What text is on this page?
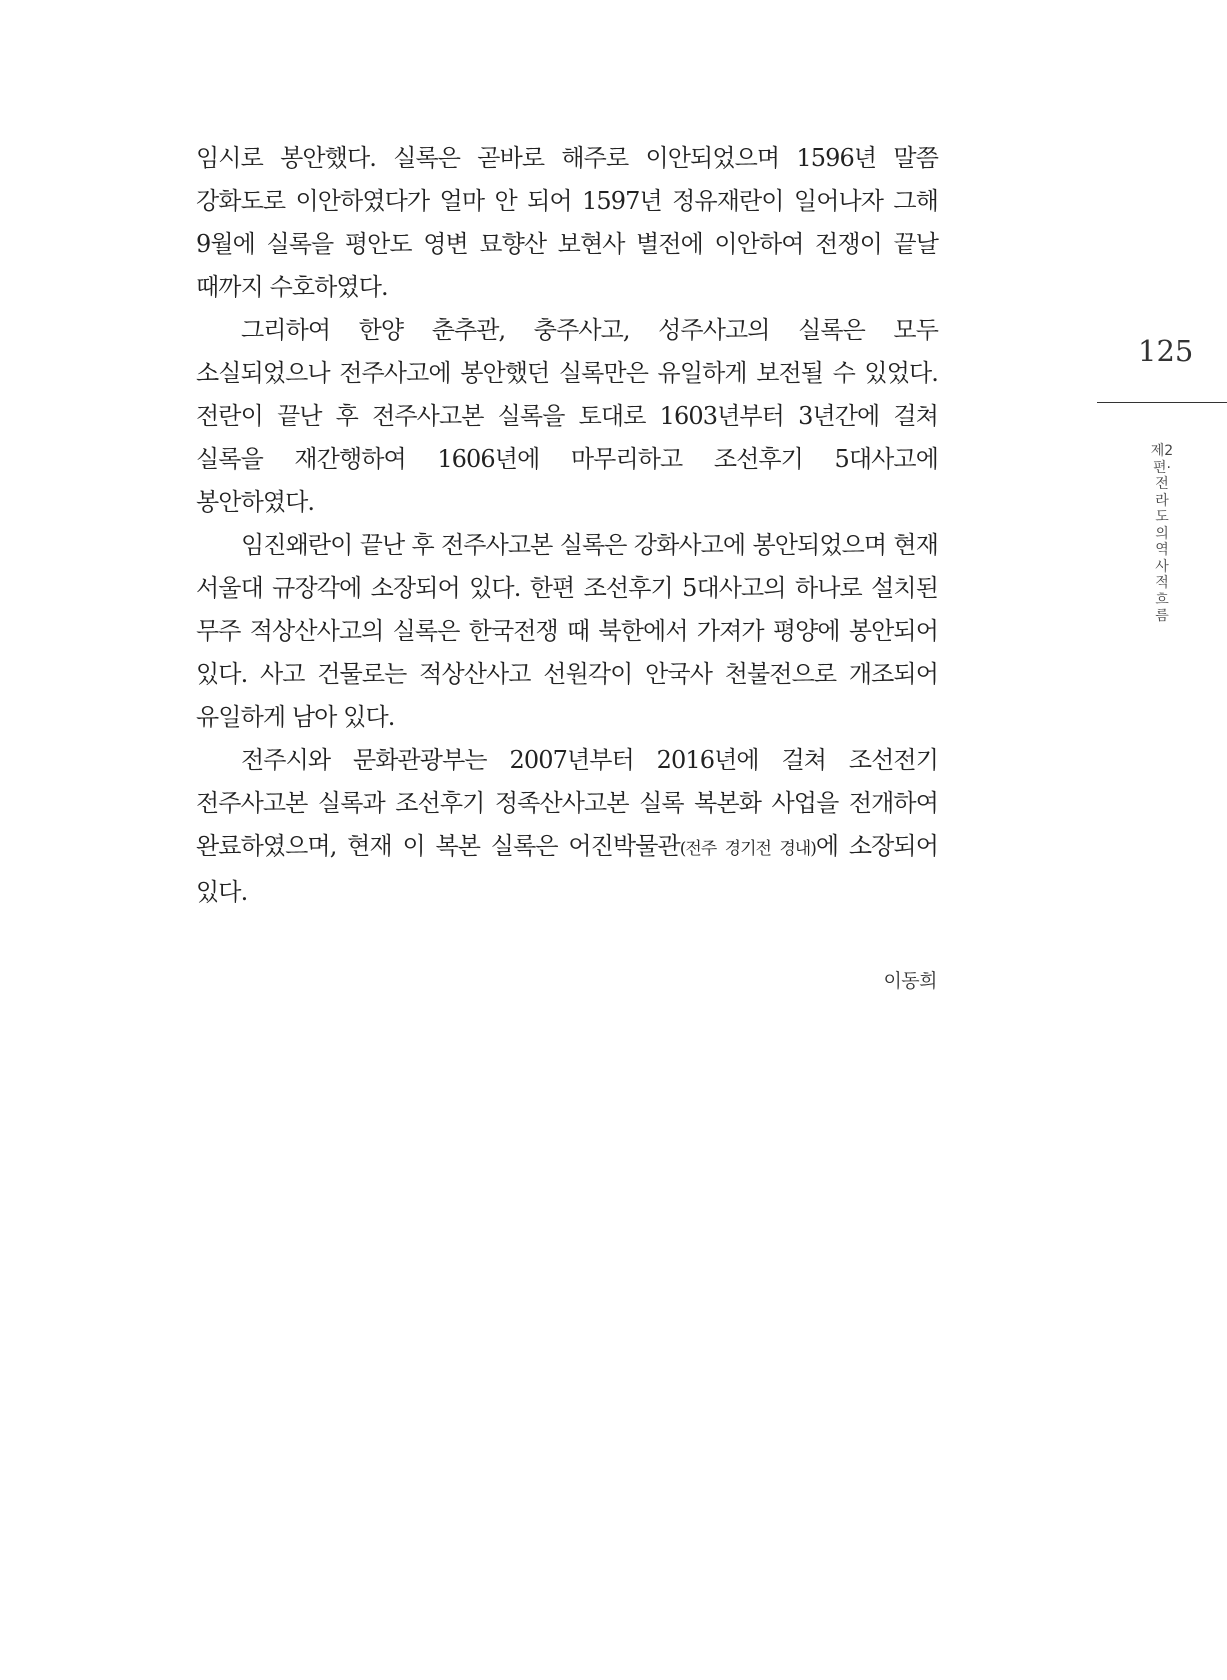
임시로 봉안했다. 실록은 곧바로 해주로 이안되었으며 1596년 말쯤 강화도로 이안하였다가 얼마 안 되어 1597년 정유재란이 일어나자 그해 9월에 실록을 평안도 영변 묘향산 보현사 별전에 이안하여 전쟁이 끝날 때까지 수호하였다.

그리하여 한양 춘추관, 충주사고, 성주사고의 실록은 모두 소실되었으나 전주사고에 봉안했던 실록만은 유일하게 보전될 수 있었다. 전란이 끝난 후 전주사고본 실록을 토대로 1603년부터 3년간에 걸쳐 실록을 재간행하여 1606년에 마무리하고 조선후기 5대사고에 봉안하였다.

임진왜란이 끝난 후 전주사고본 실록은 강화사고에 봉안되었으며 현재 서울대 규장각에 소장되어 있다. 한편 조선후기 5대사고의 하나로 설치된 무주 적상산사고의 실록은 한국전쟁 때 북한에서 가져가 평양에 봉안되어 있다. 사고 건물로는 적상산사고 선원각이 안국사 천불전으로 개조되어 유일하게 남아 있다.

전주시와 문화관광부는 2007년부터 2016년에 걸쳐 조선전기 전주사고본 실록과 조선후기 정족산사고본 실록 복본화 사업을 전개하여 완료하였으며, 현재 이 복본 실록은 어진박물관(전주 경기전 경내)에 소장되어 있다.

이동희
125
제2편·전라도의 역사적 흐름
